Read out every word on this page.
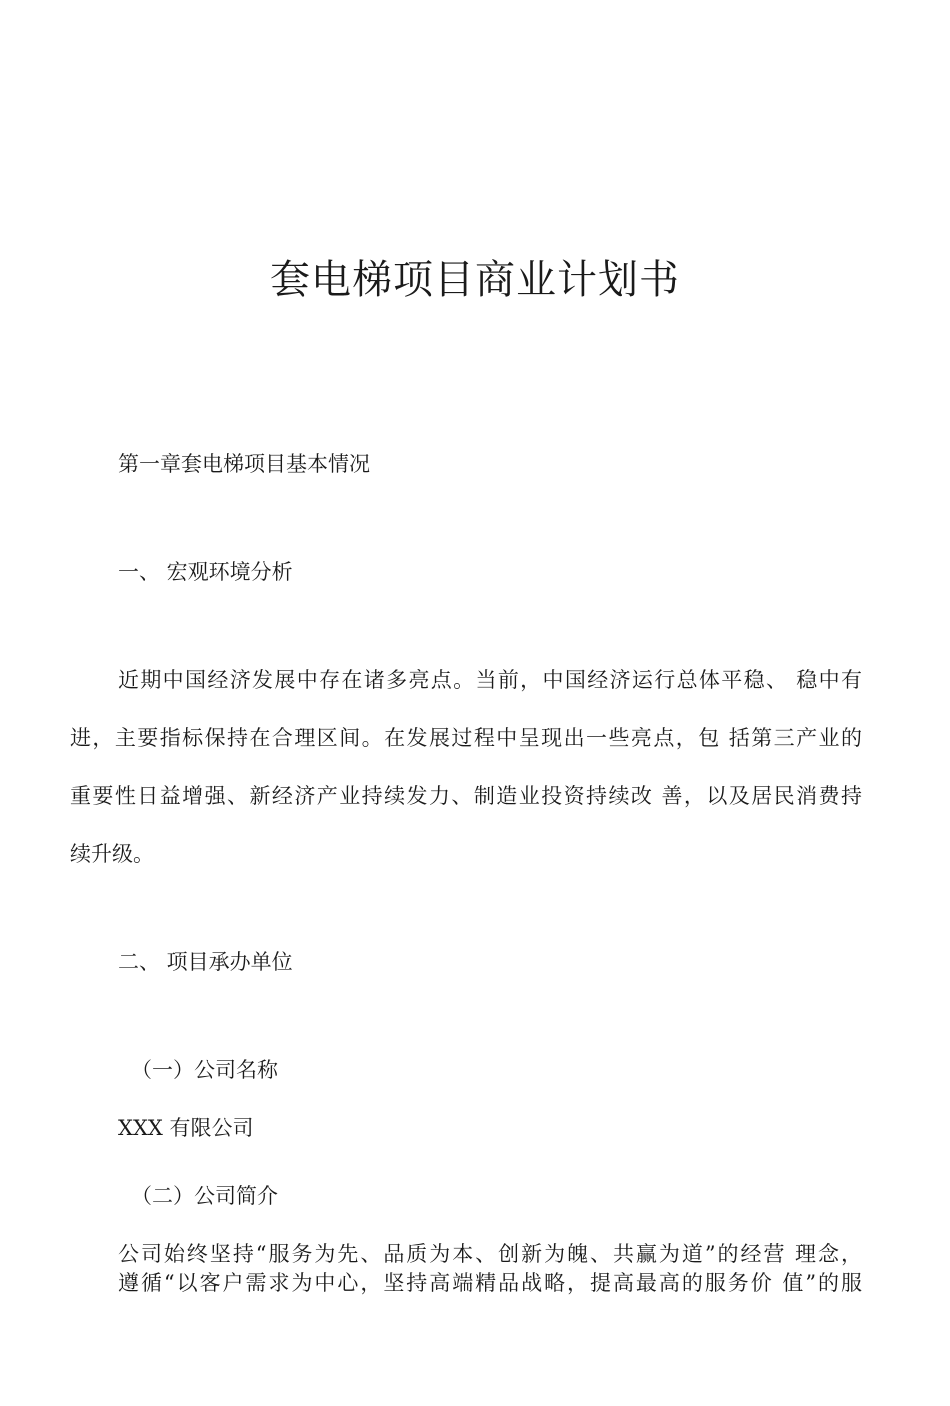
套电梯项目商业计划书
第一章套电梯项目基本情况
一、 宏观环境分析
近期中国经济发展中存在诸多亮点。当前，中国经济运行总体平稳、 稳中有
进，主要指标保持在合理区间。在发展过程中呈现出一些亮点，包 括第三产业的
重要性日益增强、新经济产业持续发力、制造业投资持续改 善，以及居民消费持
续升级。
二、 项目承办单位
（一）公司名称
XXX 有限公司
（二）公司简介
公司始终坚持“服务为先、品质为本、创新为魄、共赢为道”的经营 理念，
遵循“以客户需求为中心，坚持高端精品战略，提高最高的服务价 值”的服
